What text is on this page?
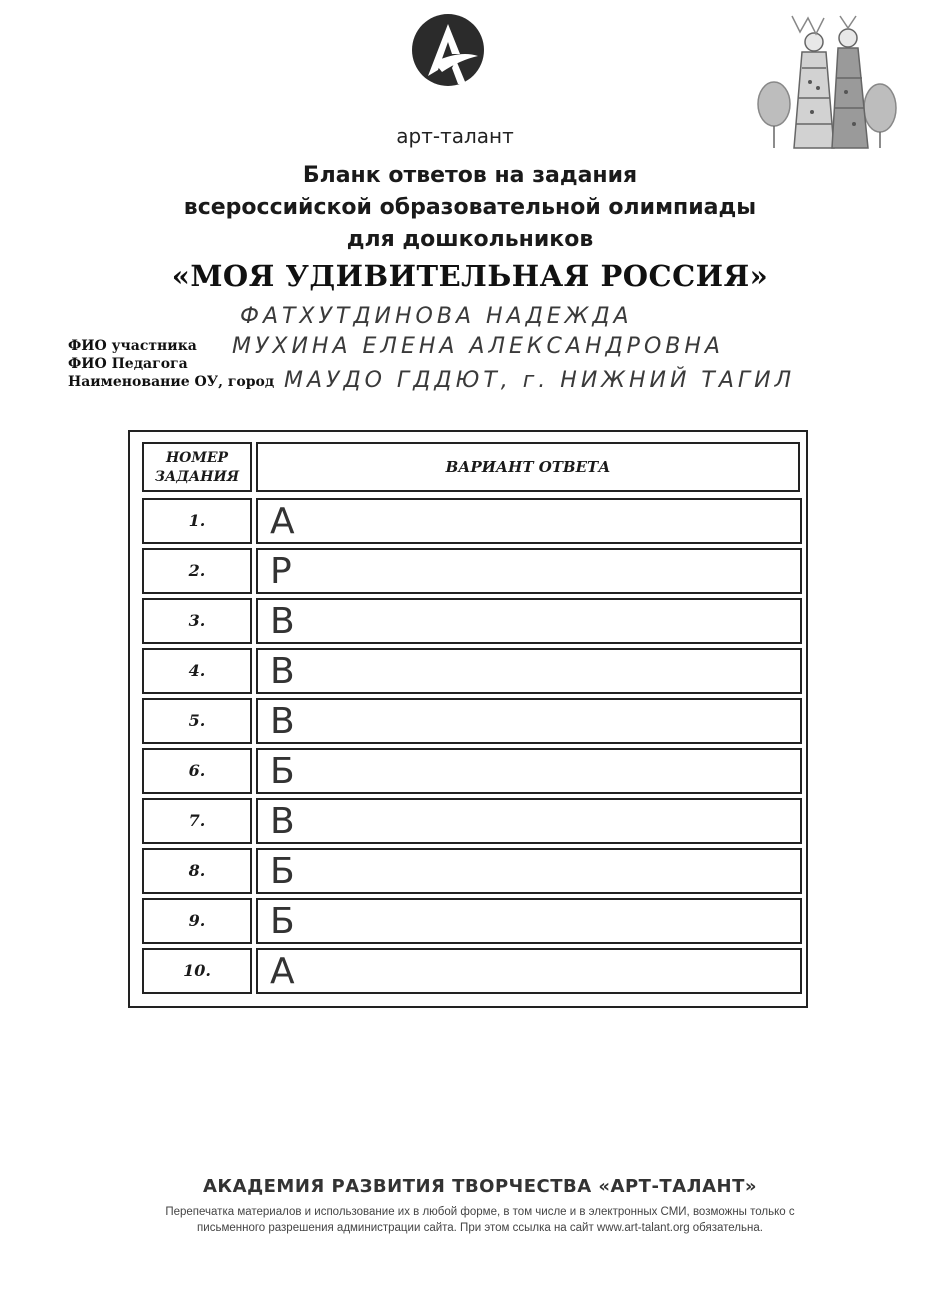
арт-талант
Бланк ответов на задания
всероссийской образовательной олимпиады
для дошкольников
«МОЯ УДИВИТЕЛЬНАЯ РОССИЯ»
ФИО участника
ФАТХУТДИНОВА НАДЕЖДА
ФИО Педагога
МУХИНА ЕЛЕНА АЛЕКСАНДРОВНА
Наименование ОУ, город МАУДО ГДДЮТ, г. НИЖНИЙ ТАГИЛ
НОМЕР
ЗАДАНИЯ
ВАРИАНТ ОТВЕТА
1.	А
2.	Р
3.	В
4.	В
5.	В
6.	Б
7.	В
8.	Б
9.	Б
10.	А
АКАДЕМИЯ РАЗВИТИЯ ТВОРЧЕСТВА «АРТ-ТАЛАНТ»
Перепечатка материалов и использование их в любой форме, в том числе и в электронных СМИ, возможны только с
письменного разрешения администрации сайта. При этом ссылка на сайт www.art-talant.org обязательна.
